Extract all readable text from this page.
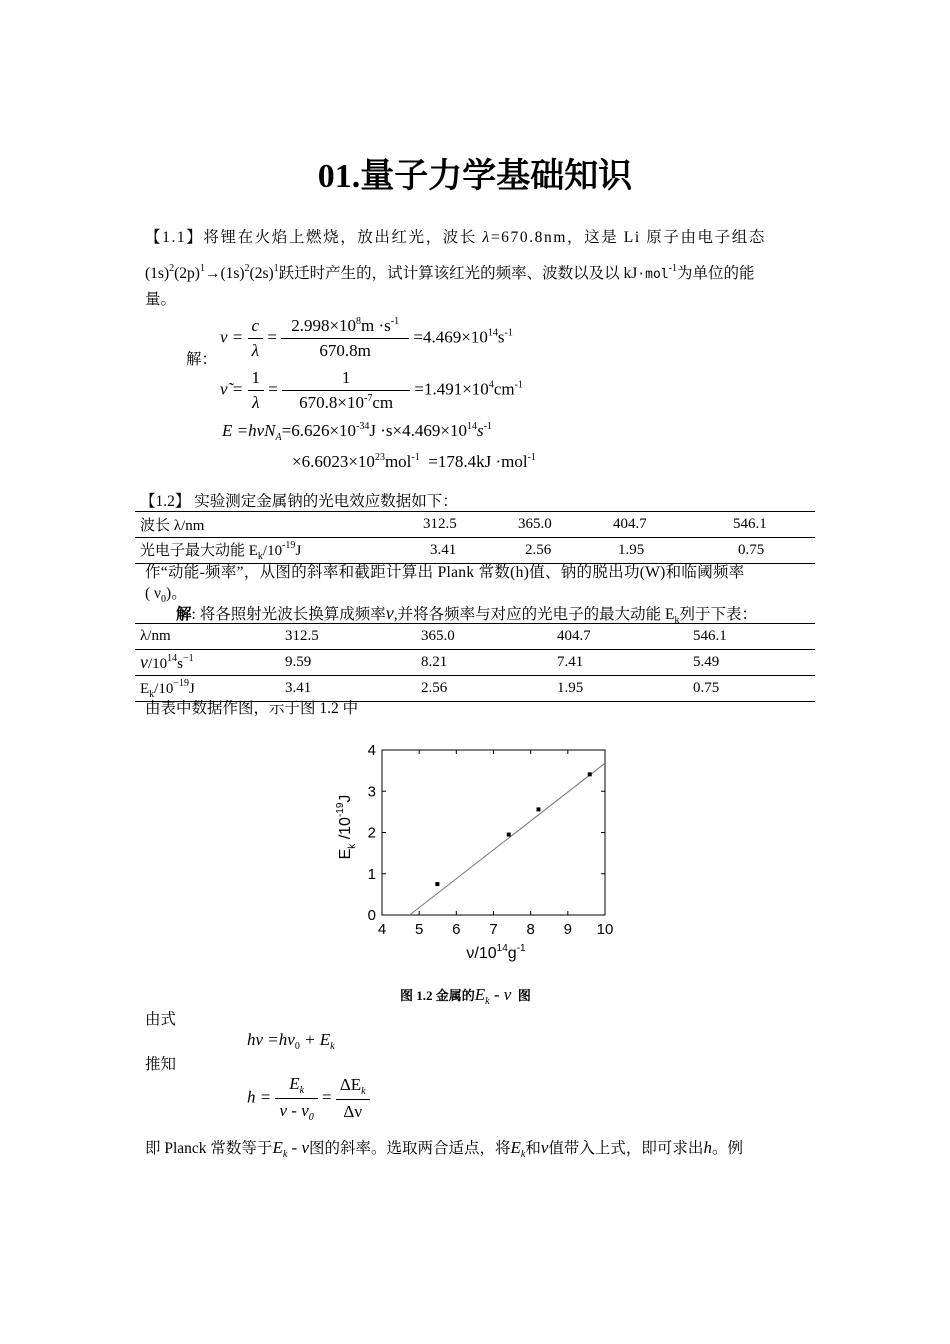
01.量子力学基础知识
【1.1】将锂在火焰上燃烧，放出红光，波长 λ=670.8nm，这是 Li 原子由电子组态
$(1s)^2(2p)^1\to(1s)^2(2s)^1$跃迁时产生的，试计算该红光的频率、波数以及以 kJ·mol$^{-1}$为单位的能
量。
解：
$\nu = \frac{c}{\lambda} = \frac{2.998\times 10^8m \cdot s^{-1}}{670.8m} =4.469\times 10^{14}s^{-1}$
ν̃ = $\frac{1}{\lambda} = \frac{1}{670.8\times 10^{-7}cm} =1.491\times 10^4cm^{-1}$
$E =h\nu N_A=6.626\times 10^{-34}J \cdot s\times 4.469\times 10^{14}s^{-1}$
$\times 6.6023\times 10^{23}mol^{-1} =178.4kJ \cdot mol^{-1}$
【1.2】 实验测定金属钠的光电效应数据如下：
波长 λ/nm	312.5	365.0	404.7	546.1
光电子最大动能 $E_k/10^{-19}J$	3.41	2.56	1.95	0.75
作“动能-频率”，从图的斜率和截距计算出 Plank 常数(h)值、钠的脱出功(W)和临阈频率
( $\nu_0$)。
解: 将各照射光波长换算成频率ν,并将各频率与对应的光电子的最大动能 $E_k$列于下表：
λ/nm	312.5	365.0	404.7	546.1
$\nu/10^{14}s^{-1}$	9.59	8.21	7.41	5.49
$E_k/10^{-19}J$	3.41	2.56	1.95	0.75
由表中数据作图，示于图 1.2 中
4 5 6 7 8 9 10
0
1
2
3
4
$\nu/10^{14}g^{-1}$
$E_k$ $/10^{-19}J$
图 1.2 金属的$E_k$ - ν 图
由式
$h\nu =h\nu_0 + E_k$
推知
$h = \frac{E_k}{\nu - \nu_0} = \frac{\Delta E_k}{\Delta\nu}$
即 Planck 常数等于$E_k$ - ν图的斜率。选取两合适点，将$E_k$和ν值带入上式，即可求出h。例
